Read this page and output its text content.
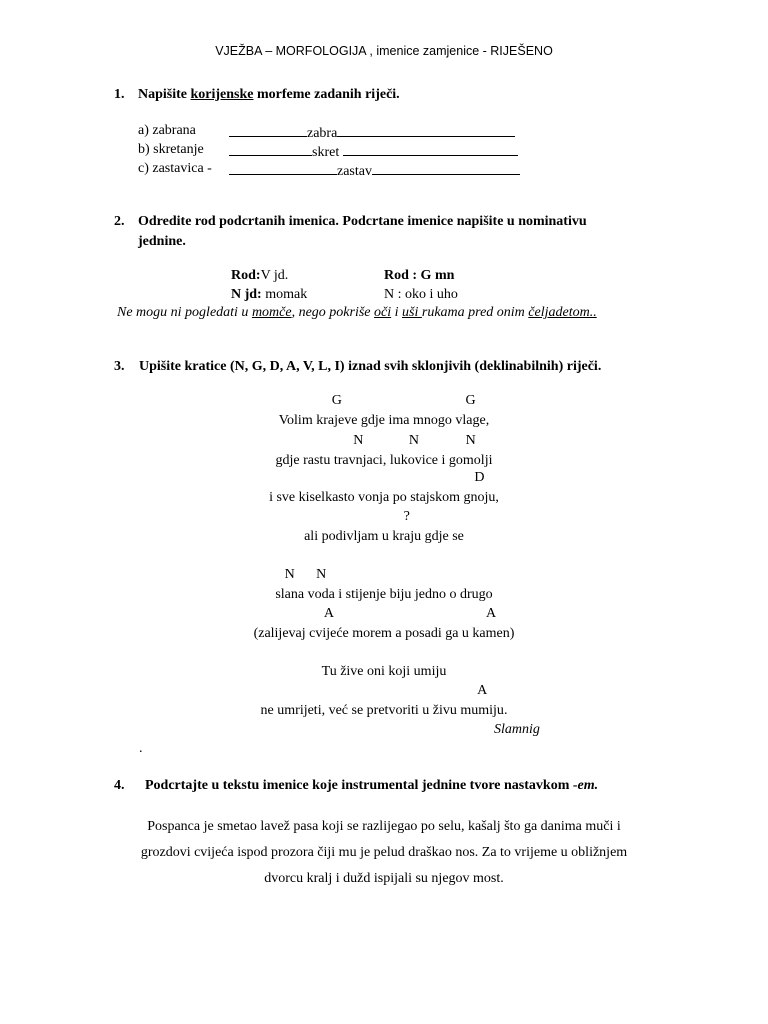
VJEŽBA – MORFOLOGIJA , imenice zamjenice - RIJEŠENO
1. Napišite korijenske morfeme zadanih riječi.
a) zabrana	zabra
b) skretanje	skret
c) zastavica -	zastav
2. Odredite rod podcrtanih imenica. Podcrtane imenice napišite u nominativu
jednine.
Rod:V jd.	Rod : G mn
N jd: momak	N : oko i uho
Ne mogu ni pogledati u momče, nego pokriše oči i uši rukama pred onim čeljadetom..
3. Upišite kratice (N, G, D, A, V, L, I) iznad svih sklonjivih (deklinabilnih) riječi.
Volim
G
krajeve gdje ima mnogo
G
vlage,
gdje rastu
N
travnjaci,
N
lukovice i
N
gomolji
i sve kiselkasto vonja po stajskom
D
gnoju,
ali podivljam u
?
kraju gdje se
N
slana
N
voda i stijenje biju jedno o drugo
(zalijevaj
A
cvijeće morem a posadi ga u
A
kamen)
Tu žive oni koji umiju
ne umrijeti, već se pretvoriti u živu
A
mumiju.
Slamnig
.
4. Podcrtajte u tekstu imenice koje instrumental jednine tvore nastavkom -em.
Pospanca je smetao lavež pasa koji se razlijegao po selu, kašalj što ga danima muči i
grozdovi cvijeća ispod prozora čiji mu je pelud draškao nos. Za to vrijeme u obližnjem
dvorcu kralj i dužd ispijali su njegov most.
